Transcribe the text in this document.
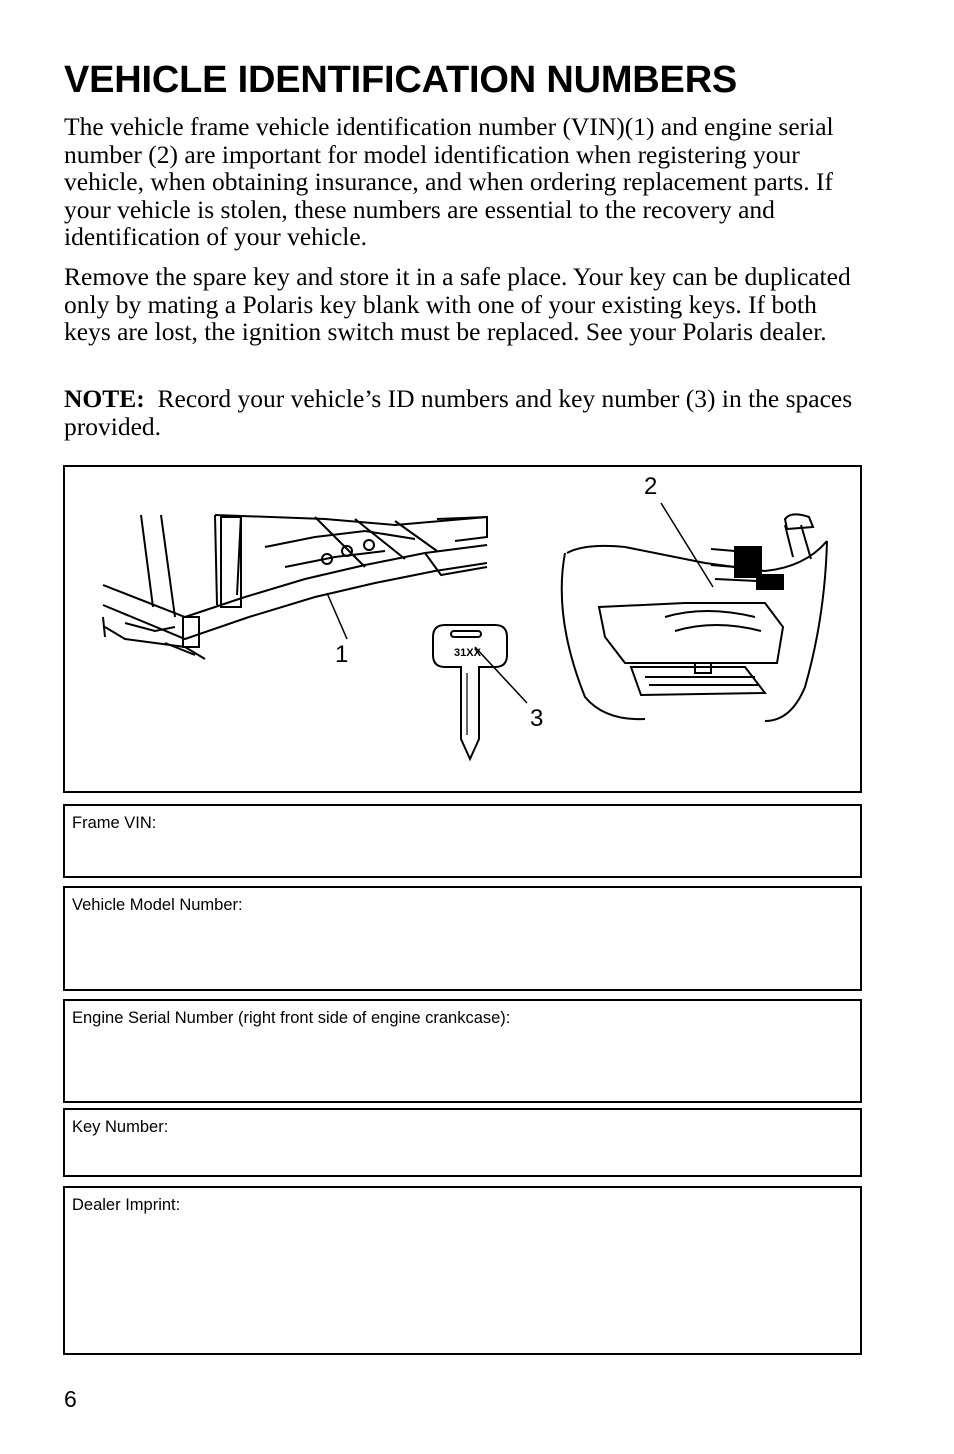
VEHICLE IDENTIFICATION NUMBERS

The vehicle frame vehicle identification number (VIN)(1) and engine serial number (2) are important for model identification when registering your vehicle, when obtaining insurance, and when ordering replacement parts. If your vehicle is stolen, these numbers are essential to the recovery and identification of your vehicle.

Remove the spare key and store it in a safe place. Your key can be duplicated only by mating a Polaris key blank with one of your existing keys. If both keys are lost, the ignition switch must be replaced. See your Polaris dealer.

NOTE: Record your vehicle’s ID numbers and key number (3) in the spaces provided.

1
2
3
31XX
Frame VIN:
Vehicle Model Number:
Engine Serial Number (right front side of engine crankcase):
Key Number:
Dealer Imprint:
6
